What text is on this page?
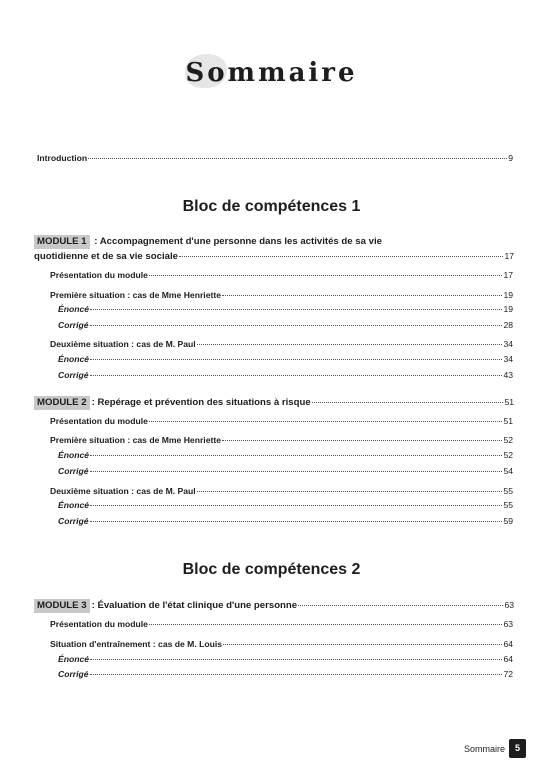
Sommaire
Introduction	9
Bloc de compétences 1
MODULE 1 : Accompagnement d'une personne dans les activités de sa vie
quotidienne et de sa vie sociale	17
Présentation du module	17
Première situation : cas de Mme Henriette	19
Énoncé	19
Corrigé	28
Deuxième situation : cas de M. Paul	34
Énoncé	34
Corrigé	43
MODULE 2 : Repérage et prévention des situations à risque	51
Présentation du module	51
Première situation : cas de Mme Henriette	52
Énoncé	52
Corrigé	54
Deuxième situation : cas de M. Paul	55
Énoncé	55
Corrigé	59
Bloc de compétences 2
MODULE 3 : Évaluation de l'état clinique d'une personne	63
Présentation du module	63
Situation d'entraînement : cas de M. Louis	64
Énoncé	64
Corrigé	72
Sommaire	5
